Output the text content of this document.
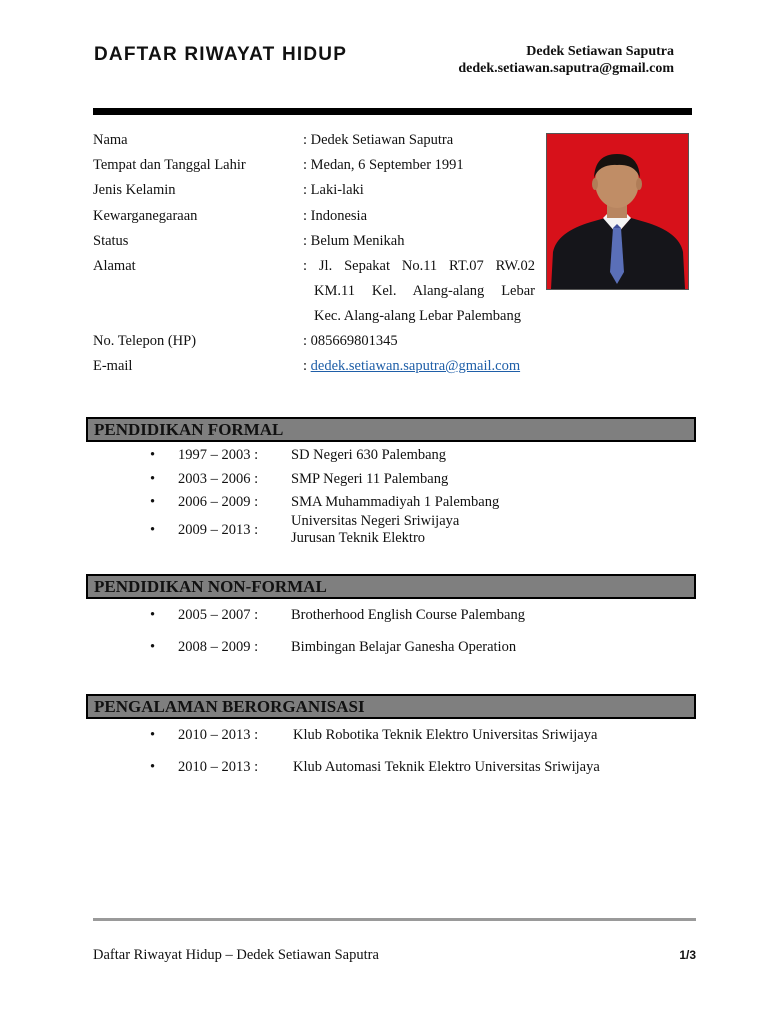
DAFTAR RIWAYAT HIDUP	Dedek Setiawan Saputra
dedek.setiawan.saputra@gmail.com
Nama	: Dedek Setiawan Saputra
Tempat dan Tanggal Lahir	: Medan, 6 September 1991
Jenis Kelamin	: Laki-laki
Kewarganegaraan	: Indonesia
Status	: Belum Menikah
Alamat	: Jl. Sepakat No.11 RT.07 RW.02
KM.11 Kel. Alang-alang Lebar
Kec. Alang-alang Lebar Palembang
No. Telepon (HP)	: 085669801345
E-mail	: dedek.setiawan.saputra@gmail.com
PENDIDIKAN FORMAL
• 1997 – 2003 : SD Negeri 630 Palembang
• 2003 – 2006 : SMP Negeri 11 Palembang
• 2006 – 2009 : SMA Muhammadiyah 1 Palembang
• 2009 – 2013 :
Universitas Negeri Sriwijaya
Jurusan Teknik Elektro
PENDIDIKAN NON-FORMAL
• 2005 – 2007 : Brotherhood English Course Palembang
• 2008 – 2009 : Bimbingan Belajar Ganesha Operation
PENGALAMAN BERORGANISASI
• 2010 – 2013 : Klub Robotika Teknik Elektro Universitas Sriwijaya
• 2010 – 2013 : Klub Automasi Teknik Elektro Universitas Sriwijaya
Daftar Riwayat Hidup – Dedek Setiawan Saputra	1/3
